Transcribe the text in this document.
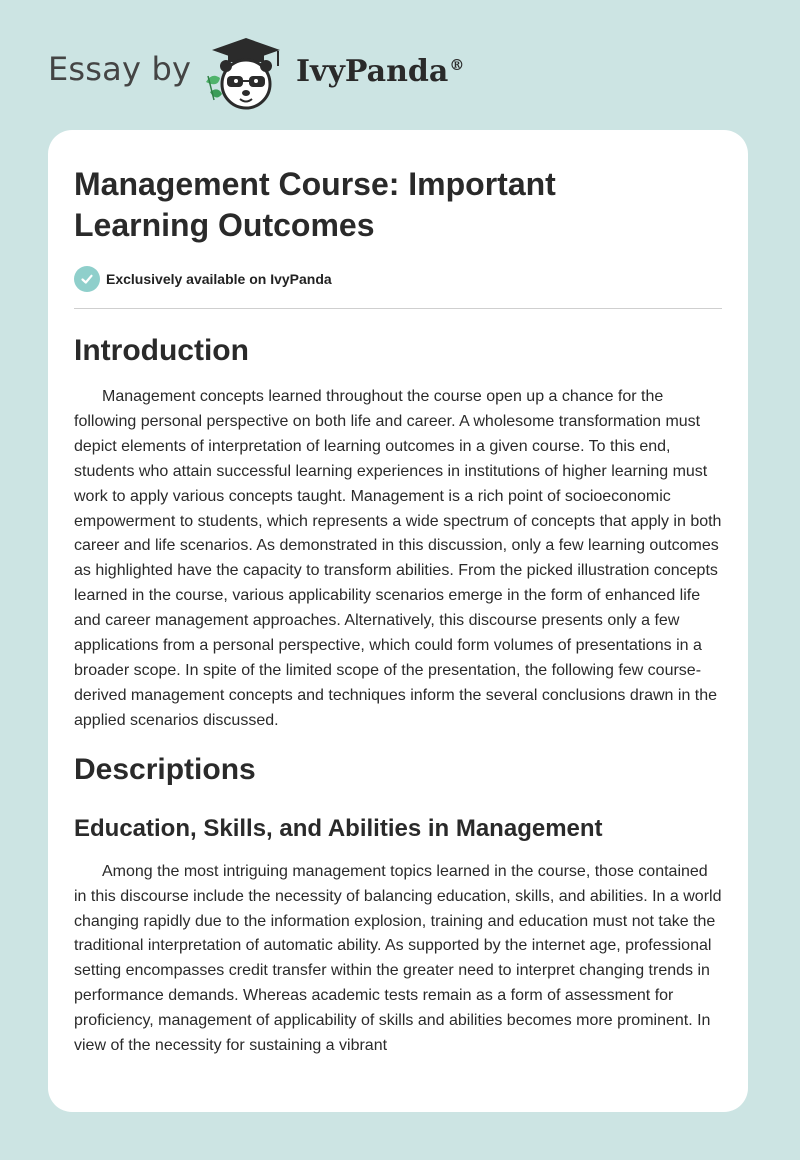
Essay by	IvyPanda®
Management Course: Important Learning Outcomes
Exclusively available on IvyPanda
Introduction

Management concepts learned throughout the course open up a chance for the following personal perspective on both life and career. A wholesome transformation must depict elements of interpretation of learning outcomes in a given course. To this end, students who attain successful learning experiences in institutions of higher learning must work to apply various concepts taught. Management is a rich point of socioeconomic empowerment to students, which represents a wide spectrum of concepts that apply in both career and life scenarios. As demonstrated in this discussion, only a few learning outcomes as highlighted have the capacity to transform abilities. From the picked illustration concepts learned in the course, various applicability scenarios emerge in the form of enhanced life and career management approaches. Alternatively, this discourse presents only a few applications from a personal perspective, which could form volumes of presentations in a broader scope. In spite of the limited scope of the presentation, the following few course-derived management concepts and techniques inform the several conclusions drawn in the applied scenarios discussed.

Descriptions
Education, Skills, and Abilities in Management

Among the most intriguing management topics learned in the course, those contained in this discourse include the necessity of balancing education, skills, and abilities. In a world changing rapidly due to the information explosion, training and education must not take the traditional interpretation of automatic ability. As supported by the internet age, professional setting encompasses credit transfer within the greater need to interpret changing trends in performance demands. Whereas academic tests remain as a form of assessment for proficiency, management of applicability of skills and abilities becomes more prominent. In view of the necessity for sustaining a vibrant
